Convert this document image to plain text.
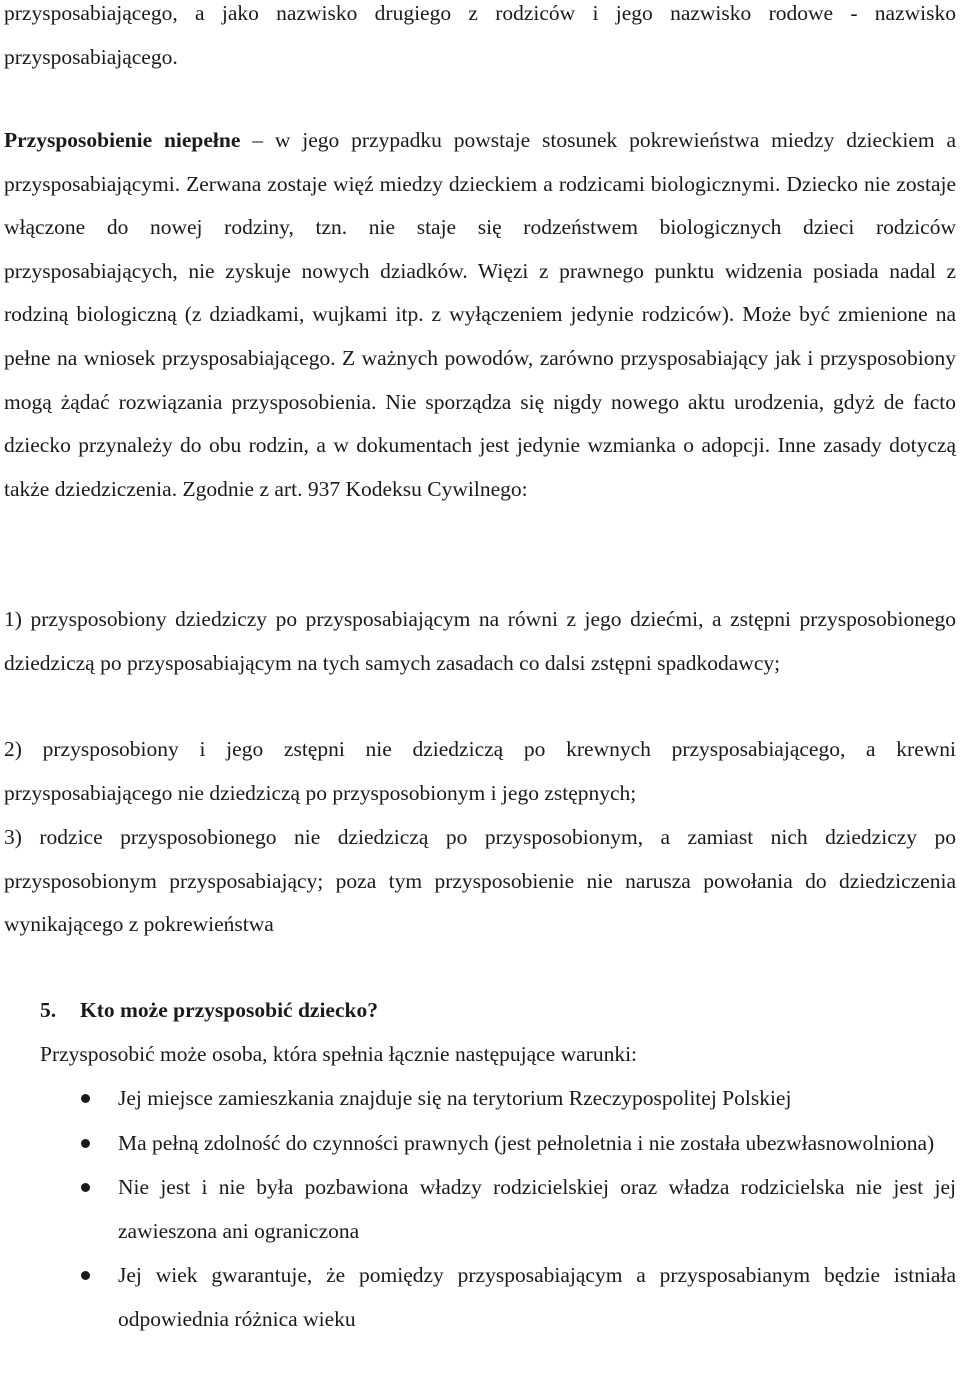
przysposabiającego, a jako nazwisko drugiego z rodziców i jego nazwisko rodowe - nazwisko przysposabiającego.

Przysposobienie niepełne – w jego przypadku powstaje stosunek pokrewieństwa miedzy dzieckiem a przysposabiającymi. Zerwana zostaje więź miedzy dzieckiem a rodzicami biologicznymi. Dziecko nie zostaje włączone do nowej rodziny, tzn. nie staje się rodzeństwem biologicznych dzieci rodziców przysposabiających, nie zyskuje nowych dziadków. Więzi z prawnego punktu widzenia posiada nadal z rodziną biologiczną (z dziadkami, wujkami itp. z wyłączeniem jedynie rodziców). Może być zmienione na pełne na wniosek przysposabiającego. Z ważnych powodów, zarówno przysposabiający jak i przysposobiony mogą żądać rozwiązania przysposobienia. Nie sporządza się nigdy nowego aktu urodzenia, gdyż de facto dziecko przynależy do obu rodzin, a w dokumentach jest jedynie wzmianka o adopcji. Inne zasady dotyczą także dziedziczenia. Zgodnie z art. 937 Kodeksu Cywilnego:

1) przysposobiony dziedziczy po przysposabiającym na równi z jego dziećmi, a zstępni przysposobionego dziedziczą po przysposabiającym na tych samych zasadach co dalsi zstępni spadkodawcy;

2) przysposobiony i jego zstępni nie dziedziczą po krewnych przysposabiającego, a krewni przysposabiającego nie dziedziczą po przysposobionym i jego zstępnych;

3) rodzice przysposobionego nie dziedziczą po przysposobionym, a zamiast nich dziedziczy po przysposobionym przysposabiający; poza tym przysposobienie nie narusza powołania do dziedziczenia wynikającego z pokrewieństwa

5. Kto może przysposobić dziecko?

Przysposobić może osoba, która spełnia łącznie następujące warunki:

Jej miejsce zamieszkania znajduje się na terytorium Rzeczypospolitej Polskiej
Ma pełną zdolność do czynności prawnych (jest pełnoletnia i nie została ubezwłasnowolniona)
Nie jest i nie była pozbawiona władzy rodzicielskiej oraz władza rodzicielska nie jest jej zawieszona ani ograniczona
Jej wiek gwarantuje, że pomiędzy przysposabiającym a przysposabianym będzie istniała odpowiednia różnica wieku
